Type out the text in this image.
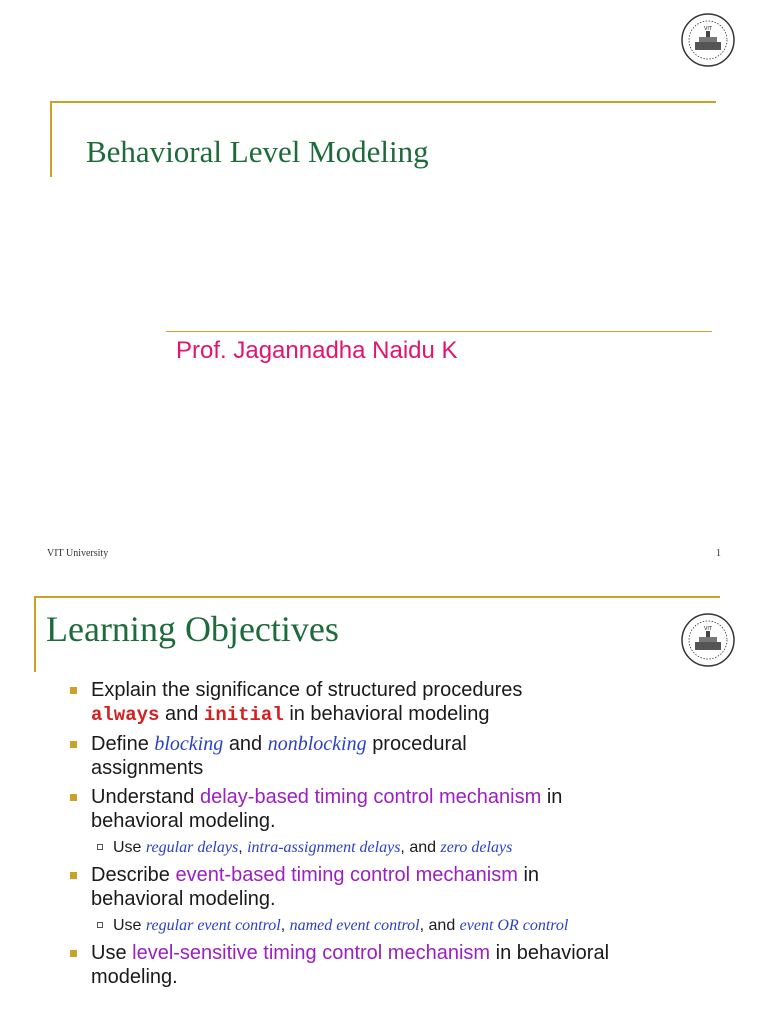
VIT
Behavioral Level Modeling
Prof. Jagannadha Naidu K
VIT University	1
VIT
Learning Objectives
Explain the significance of structured procedures
always and initial in behavioral modeling
Define blocking and nonblocking procedural assignments
Understand delay-based timing control mechanism in behavioral modeling.
Use regular delays, intra-assignment delays, and zero delays
Describe event-based timing control mechanism in behavioral modeling.
Use regular event control, named event control, and event OR control
Use level-sensitive timing control mechanism in behavioral modeling.
